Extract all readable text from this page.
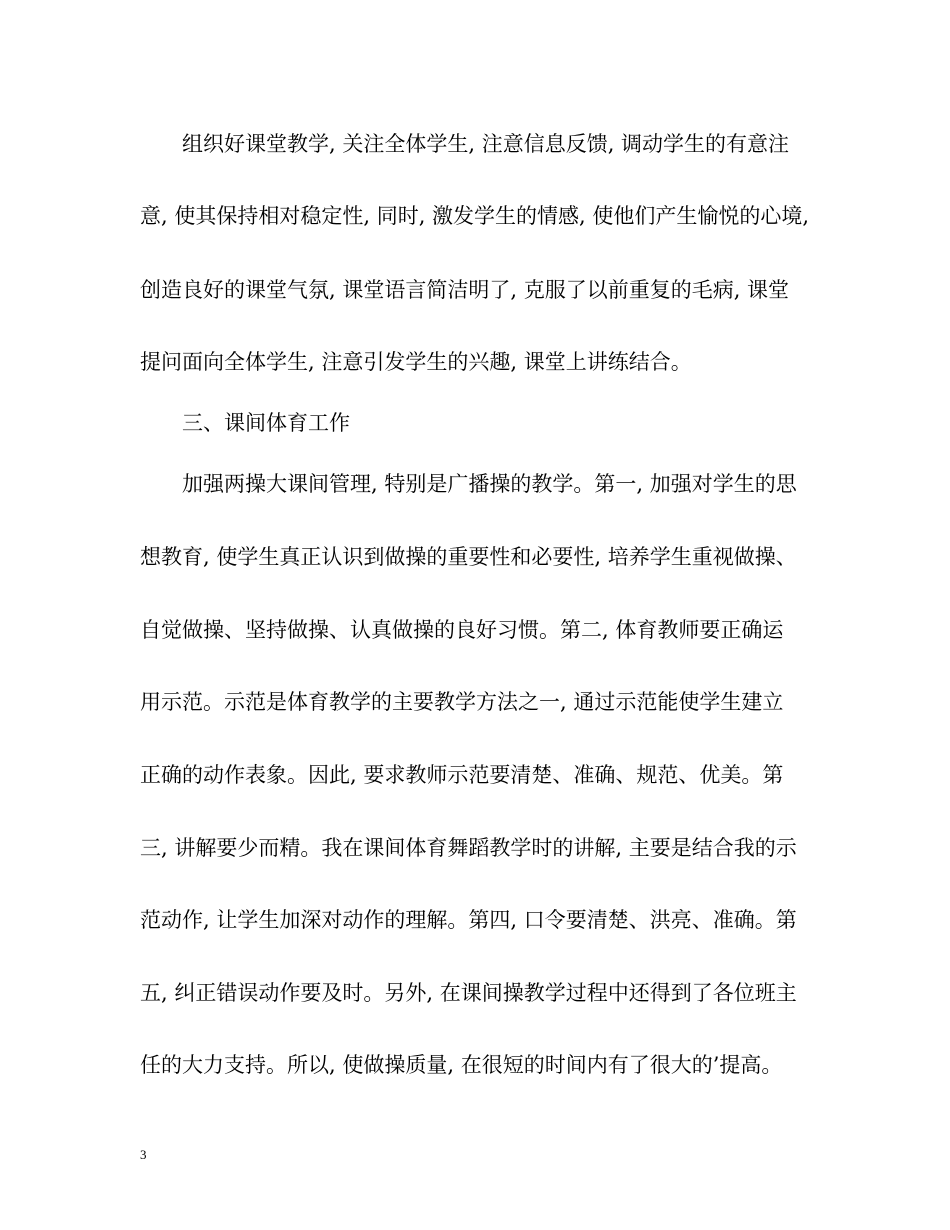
组织好课堂教学, 关注全体学生, 注意信息反馈, 调动学生的有意注
意, 使其保持相对稳定性, 同时, 激发学生的情感, 使他们产生愉悦的心境,
创造良好的课堂气氛, 课堂语言简洁明了, 克服了以前重复的毛病, 课堂
提问面向全体学生, 注意引发学生的兴趣, 课堂上讲练结合。
三、课间体育工作
加强两操大课间管理, 特别是广播操的教学。第一, 加强对学生的思
想教育, 使学生真正认识到做操的重要性和必要性, 培养学生重视做操、
自觉做操、坚持做操、认真做操的良好习惯。第二, 体育教师要正确运
用示范。示范是体育教学的主要教学方法之一, 通过示范能使学生建立
正确的动作表象。因此, 要求教师示范要清楚、准确、规范、优美。第
三, 讲解要少而精。我在课间体育舞蹈教学时的讲解, 主要是结合我的示
范动作, 让学生加深对动作的理解。第四, 口令要清楚、洪亮、准确。第
五, 纠正错误动作要及时。另外, 在课间操教学过程中还得到了各位班主
任的大力支持。所以, 使做操质量, 在很短的时间内有了很大的’提高。
3
